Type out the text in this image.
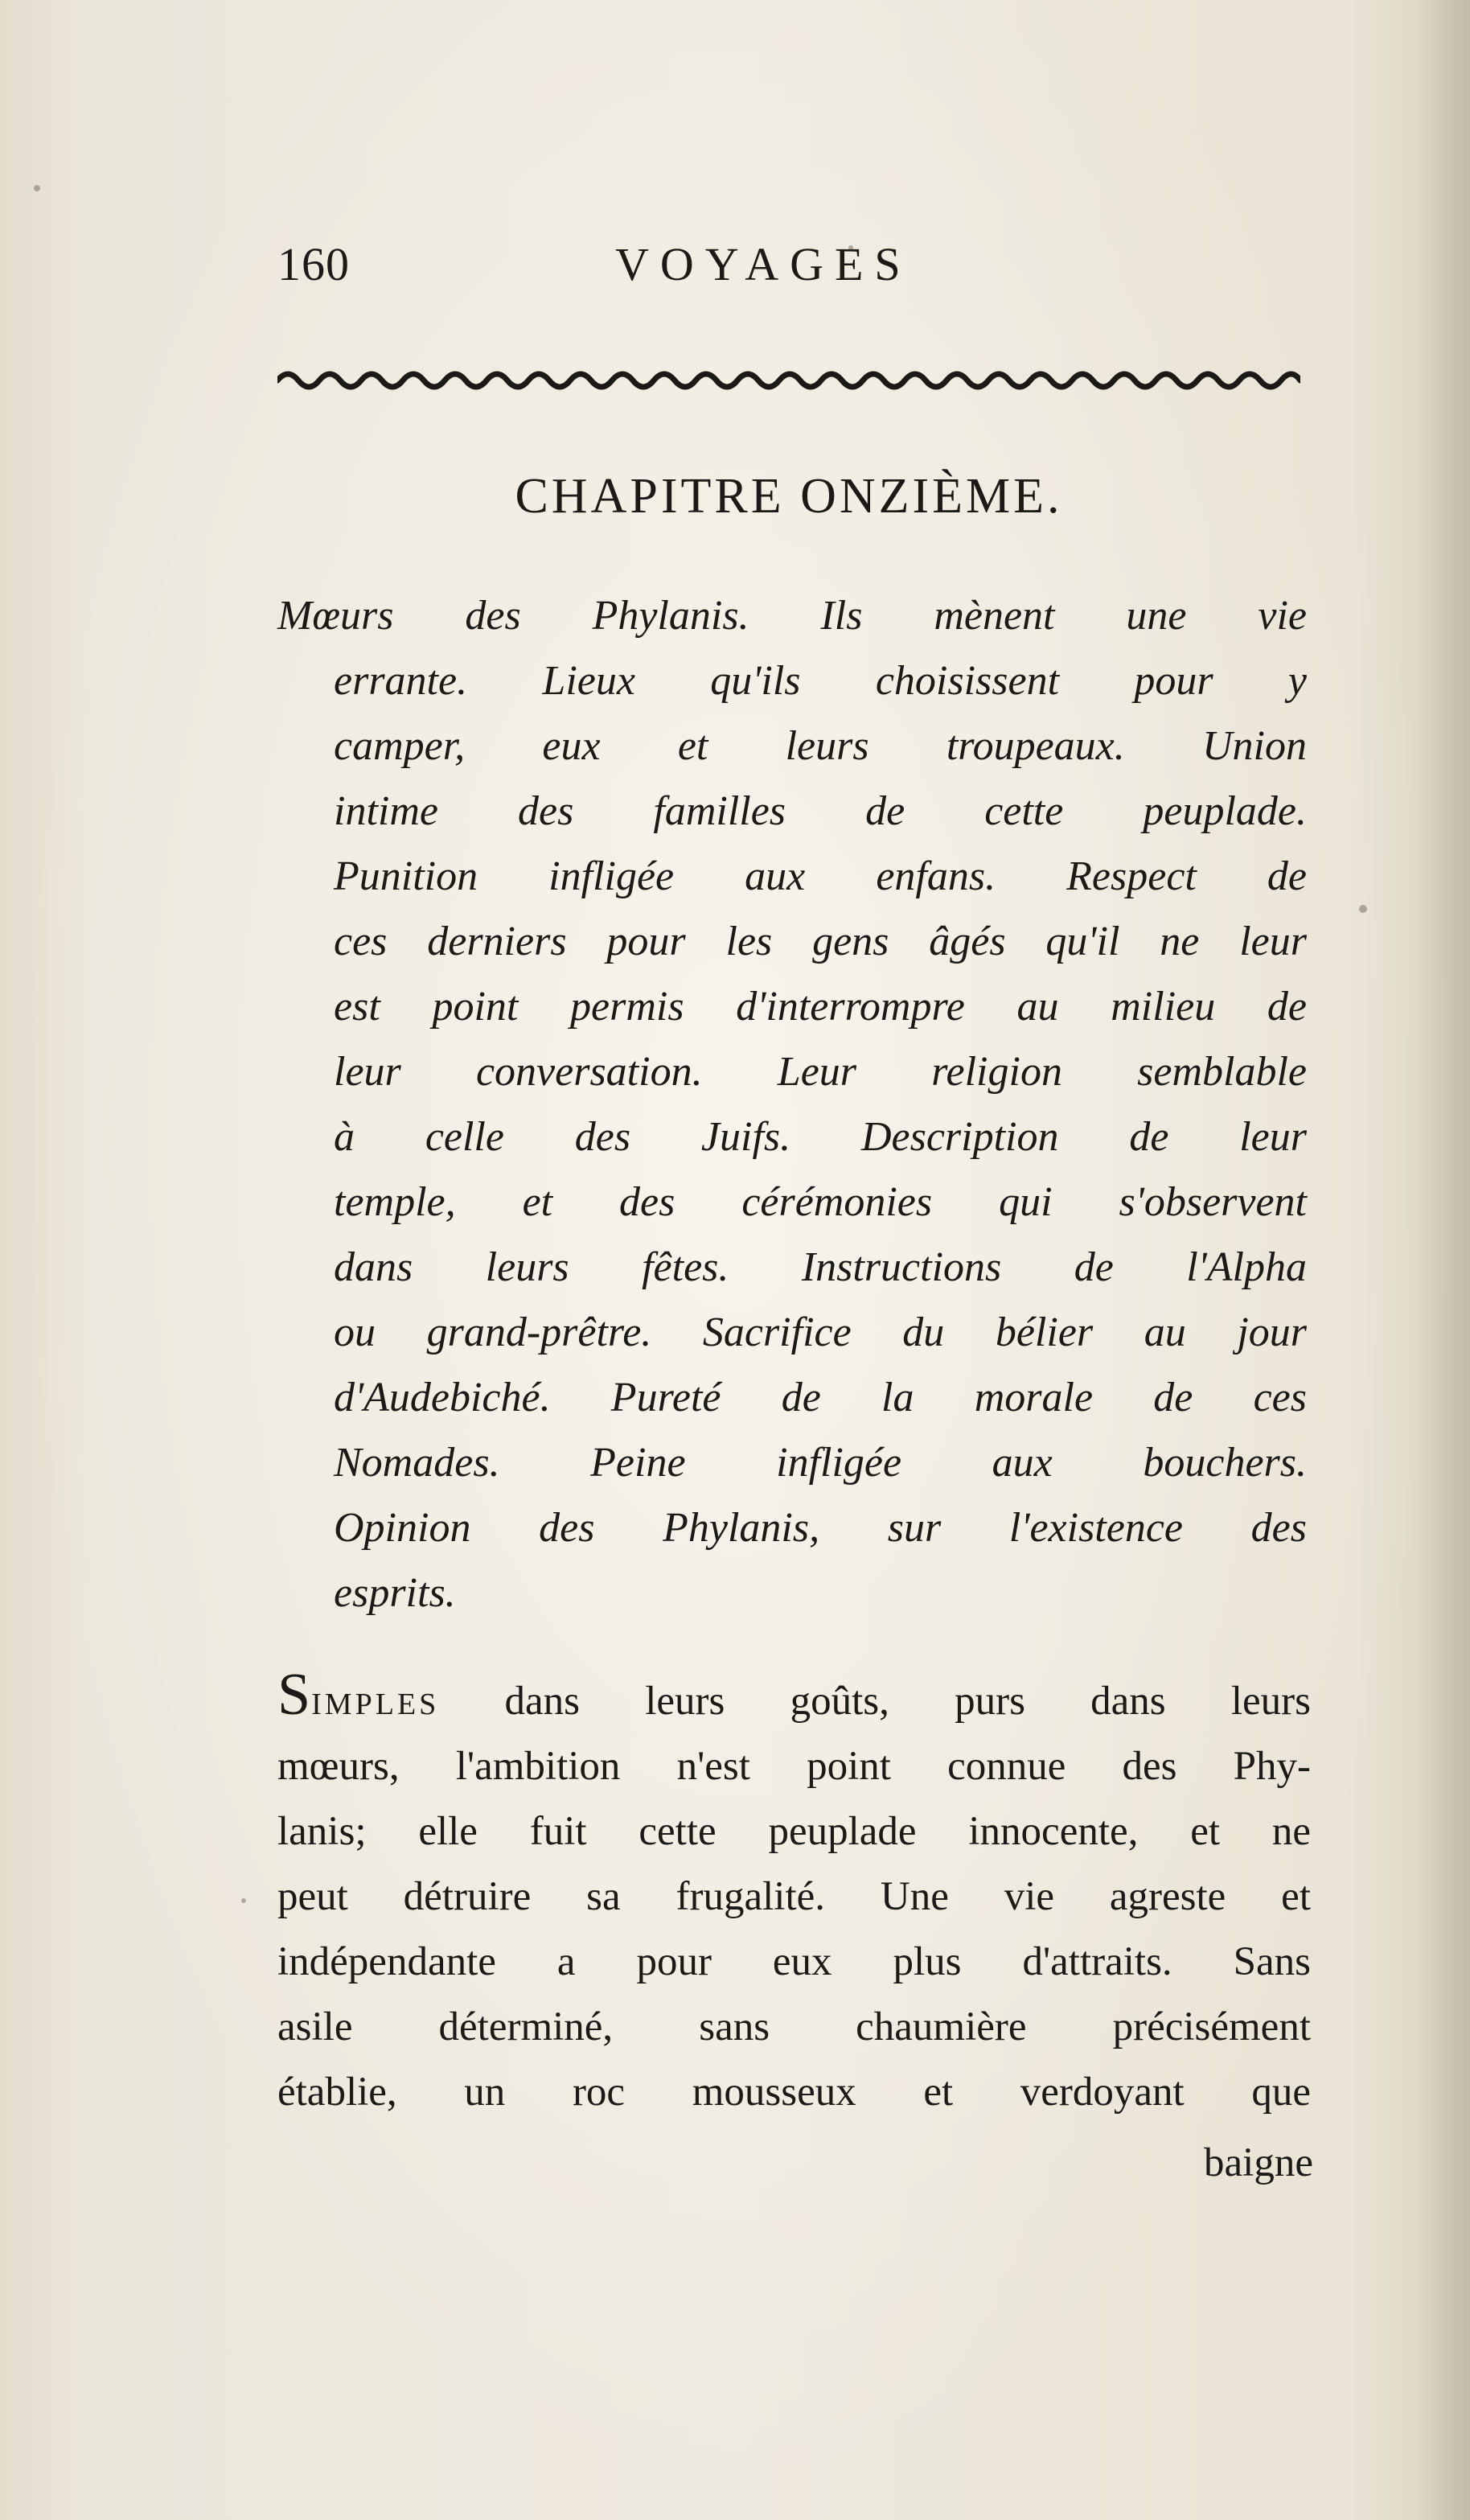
160	VOYAGES
CHAPITRE ONZIÈME.
Mœurs des Phylanis. Ils mènent une vie
errante. Lieux qu'ils choisissent pour y
camper, eux et leurs troupeaux. Union
intime des familles de cette peuplade.
Punition infligée aux enfans. Respect de
ces derniers pour les gens âgés qu'il ne leur
est point permis d'interrompre au milieu de
leur conversation. Leur religion semblable
à celle des Juifs. Description de leur
temple, et des cérémonies qui s'observent
dans leurs fêtes. Instructions de l'Alpha
ou grand-prêtre. Sacrifice du bélier au jour
d'Audebiché. Pureté de la morale de ces
Nomades. Peine infligée aux bouchers.
Opinion des Phylanis, sur l'existence des
esprits.
SIMPLES dans leurs goûts, purs dans leurs
mœurs, l'ambition n'est point connue des Phy-
lanis; elle fuit cette peuplade innocente, et ne
peut détruire sa frugalité. Une vie agreste et
indépendante a pour eux plus d'attraits. Sans
asile déterminé, sans chaumière précisément
établie, un roc mousseux et verdoyant que
baigne
